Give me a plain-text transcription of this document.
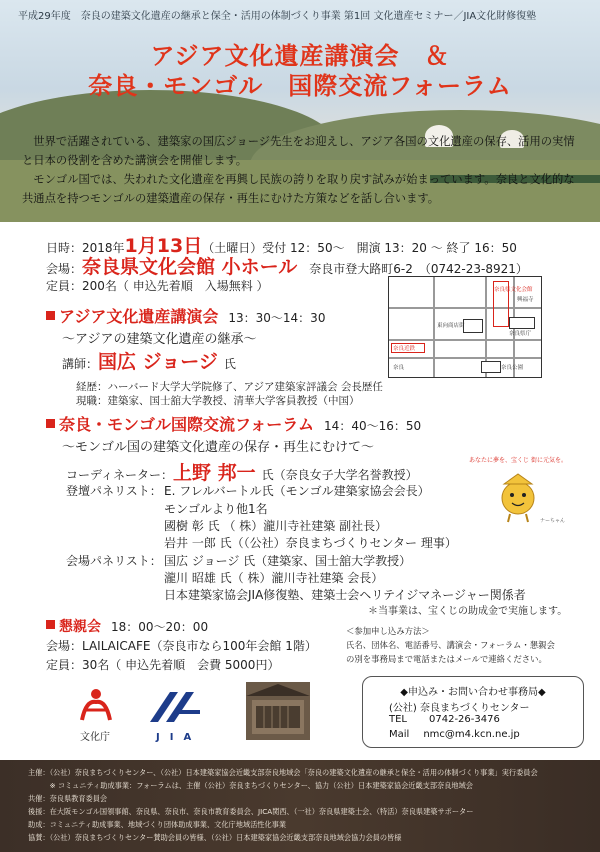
平成29年度　奈良の建築文化遺産の継承と保全・活用の体制づくり事業 第1回 文化遺産セミナー／JIA文化財修復塾
アジア文化遺産講演会　＆
奈良・モンゴル　国際交流フォーラム

　世界で活躍されている、建築家の国広ジョージ先生をお迎えし、アジア各国の文化遺産の保存、活用の実情と日本の役割を含めた講演会を開催します。

　モンゴル国では、失われた文化遺産を再興し民族の誇りを取り戻す試みが始まっています。奈良と文化的な共通点を持つモンゴルの建築遺産の保存・再生にむけた方策などを話し合います。

日時：2018年1月13日（土曜日）受付 12：50～　開演 13：20 ～ 終了 16：50
会場：奈良県文化会館 小ホール 奈良市登大路町6-2　（0742-23-8921）
定員：200名（ 申込先着順　入場無料 ）	奈良県文化会館
奈良県庁
興福寺
東向商店街
奈良公園
奈良近鉄
奈良
アジア文化遺産講演会 13：30～14：30
～アジアの建築文化遺産の継承～
講師：国広 ジョージ 氏
経歴：ハーバード大学大学院修了、アジア建築家評議会 会長歴任
現職：建築家、国士舘大学教授、清華大学客員教授（中国）
奈良・モンゴル国際交流フォーラム 14：40～16：50
～モンゴル国の建築文化遺産の保存・再生にむけて～
コーディネーター：上野 邦一 氏（奈良女子大学名誉教授）
登壇パネリスト： E. フレルバートル氏（モンゴル建築家協会会長）
モンゴルより他1名
國樹 彰 氏 （ 株）瀧川寺社建築 副社長）
岩井 一郎 氏（（公社）奈良まちづくりセンター 理事）
会場パネリスト： 国広 ジョージ 氏（建築家、国士舘大学教授）
瀧川 昭雄 氏（ 株）瀧川寺社建築 会長）
日本建築家協会JIA修復塾、建築士会ヘリテイジマネージャー関係者
＊当事業は、宝くじの助成金で実施します。
あなたに夢を、宝くじ 街に元気を。
ナーちゃん
懇親会 18：00～20：00
会場：LAILAICAFE（奈良市なら100年会館 1階）
定員：30名（ 申込先着順　会費 5000円）
＜参加申し込み方法＞
氏名、団体名、電話番号、講演会・フォーラム・懇親会
の別を事務局まで電話またはメールで連絡ください。
文化庁	J　I　A
◆申込み・お問い合わせ事務局◆
(公社) 奈良まちづくりセンター
TEL 0742-26-3476
Mail nmc@m4.kcn.ne.jp
主催：（公社）奈良まちづくりセンター、（公社）日本建築家協会近畿支部奈良地域会「奈良の建築文化遺産の継承と保全・活用の体制づくり事業」実行委員会
　　　※ コミュニティ助成事業：フォーラムは、主催（公社）奈良まちづくりセンター、協力（公社）日本建築家協会近畿支部奈良地域会
共催：奈良県教育委員会
後援：在大阪モンゴル国領事館、奈良県、奈良市、奈良市教育委員会、JICA関西、（一社）奈良県建築士会、（特活）奈良県建築サポーター
助成：コミュニティ助成事業、地域づくり団体助成事業、文化庁地域活性化事業
協賛：（公社）奈良まちづくりセンター賛助会員の皆様、（公社）日本建築家協会近畿支部奈良地域会協力会員の皆様
